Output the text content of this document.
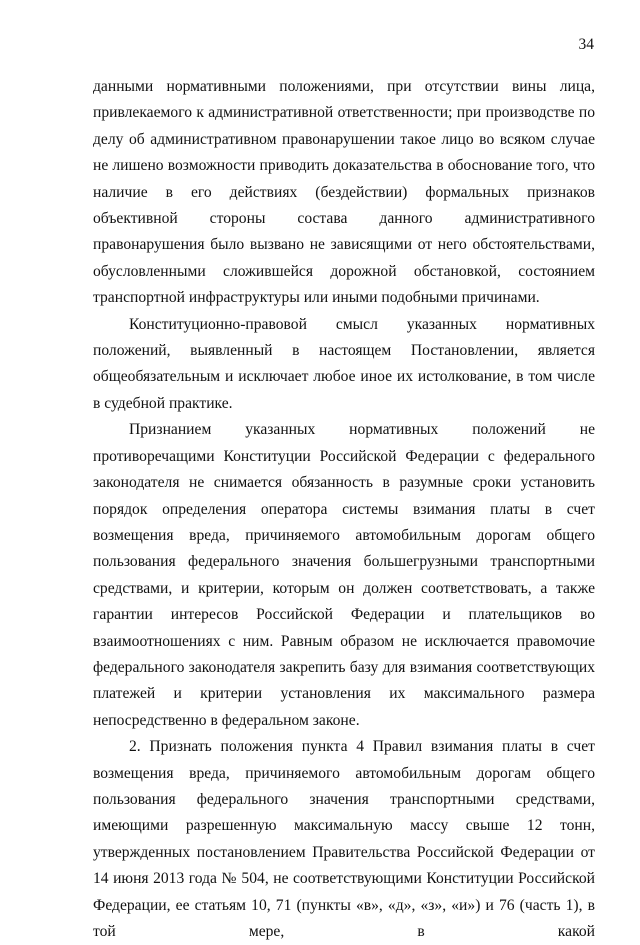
34

данными нормативными положениями, при отсутствии вины лица, привлекаемого к административной ответственности; при производстве по делу об административном правонарушении такое лицо во всяком случае не лишено возможности приводить доказательства в обоснование того, что наличие в его действиях (бездействии) формальных признаков объективной стороны состава данного административного правонарушения было вызвано не зависящими от него обстоятельствами, обусловленными сложившейся дорожной обстановкой, состоянием транспортной инфраструктуры или иными подобными причинами.

Конституционно-правовой смысл указанных нормативных положений, выявленный в настоящем Постановлении, является общеобязательным и исключает любое иное их истолкование, в том числе в судебной практике.

Признанием указанных нормативных положений не противоречащими Конституции Российской Федерации с федерального законодателя не снимается обязанность в разумные сроки установить порядок определения оператора системы взимания платы в счет возмещения вреда, причиняемого автомобильным дорогам общего пользования федерального значения большегрузными транспортными средствами, и критерии, которым он должен соответствовать, а также гарантии интересов Российской Федерации и плательщиков во взаимоотношениях с ним. Равным образом не исключается правомочие федерального законодателя закрепить базу для взимания соответствующих платежей и критерии установления их максимального размера непосредственно в федеральном законе.

2. Признать положения пункта 4 Правил взимания платы в счет возмещения вреда, причиняемого автомобильным дорогам общего пользования федерального значения транспортными средствами, имеющими разрешенную максимальную массу свыше 12 тонн, утвержденных постановлением Правительства Российской Федерации от 14 июня 2013 года № 504, не соответствующими Конституции Российской Федерации, ее статьям 10, 71 (пункты «в», «д», «з», «и») и 76 (часть 1), в той мере, в какой
